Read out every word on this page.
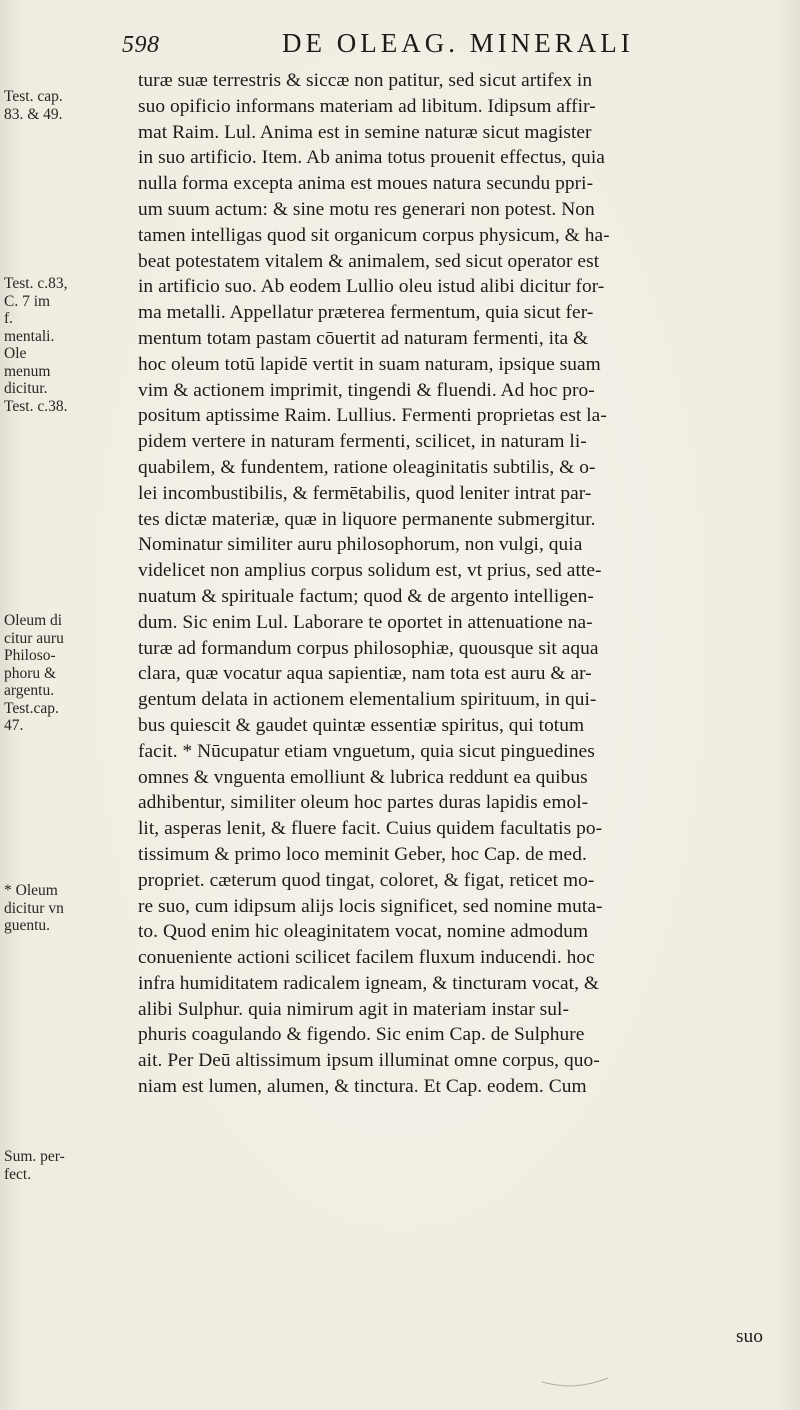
598	DE OLEAG. MINERALI
Test. cap.
83. & 49.
Test. c.83,
C. 7 im
f.
mentali.
Ole
menum
dicitur.
Test. c.38.
Oleum di
citur auru
Philoso-
phoru &
argentu.
Test.cap.
47.
* Oleum
dicitur vn
guentu.
Sum. per-
fect.
turæ suæ terrestris & siccæ non patitur, sed sicut artifex in
suo opificio informans materiam ad libitum. Idipsum affir-
mat Raim. Lul. Anima est in semine naturæ sicut magister
in suo artificio. Item. Ab anima totus prouenit effectus, quia
nulla forma excepta anima est moues natura secundu ppri-
um suum actum: & sine motu res generari non potest. Non
tamen intelligas quod sit organicum corpus physicum, & ha-
beat potestatem vitalem & animalem, sed sicut operator est
in artificio suo. Ab eodem Lullio oleu istud alibi dicitur for-
ma metalli. Appellatur præterea fermentum, quia sicut fer-
mentum totam pastam cōuertit ad naturam fermenti, ita &
hoc oleum totū lapidē vertit in suam naturam, ipsique suam
vim & actionem imprimit, tingendi & fluendi. Ad hoc pro-
positum aptissime Raim. Lullius. Fermenti proprietas est la-
pidem vertere in naturam fermenti, scilicet, in naturam li-
quabilem, & fundentem, ratione oleaginitatis subtilis, & o-
lei incombustibilis, & fermētabilis, quod leniter intrat par-
tes dictæ materiæ, quæ in liquore permanente submergitur.
Nominatur similiter auru philosophorum, non vulgi, quia
videlicet non amplius corpus solidum est, vt prius, sed atte-
nuatum & spirituale factum; quod & de argento intelligen-
dum. Sic enim Lul. Laborare te oportet in attenuatione na-
turæ ad formandum corpus philosophiæ, quousque sit aqua
clara, quæ vocatur aqua sapientiæ, nam tota est auru & ar-
gentum delata in actionem elementalium spirituum, in qui-
bus quiescit & gaudet quintæ essentiæ spiritus, qui totum
facit. * Nūcupatur etiam vnguetum, quia sicut pinguedines
omnes & vnguenta emolliunt & lubrica reddunt ea quibus
adhibentur, similiter oleum hoc partes duras lapidis emol-
lit, asperas lenit, & fluere facit. Cuius quidem facultatis po-
tissimum & primo loco meminit Geber, hoc Cap. de med.
propriet. cæterum quod tingat, coloret, & figat, reticet mo-
re suo, cum idipsum alijs locis significet, sed nomine muta-
to. Quod enim hic oleaginitatem vocat, nomine admodum
conueniente actioni scilicet facilem fluxum inducendi. hoc
infra humiditatem radicalem igneam, & tincturam vocat, &
alibi Sulphur. quia nimirum agit in materiam instar sul-
phuris coagulando & figendo. Sic enim Cap. de Sulphure
ait. Per Deū altissimum ipsum illuminat omne corpus, quo-
niam est lumen, alumen, & tinctura. Et Cap. eodem. Cum
suo
